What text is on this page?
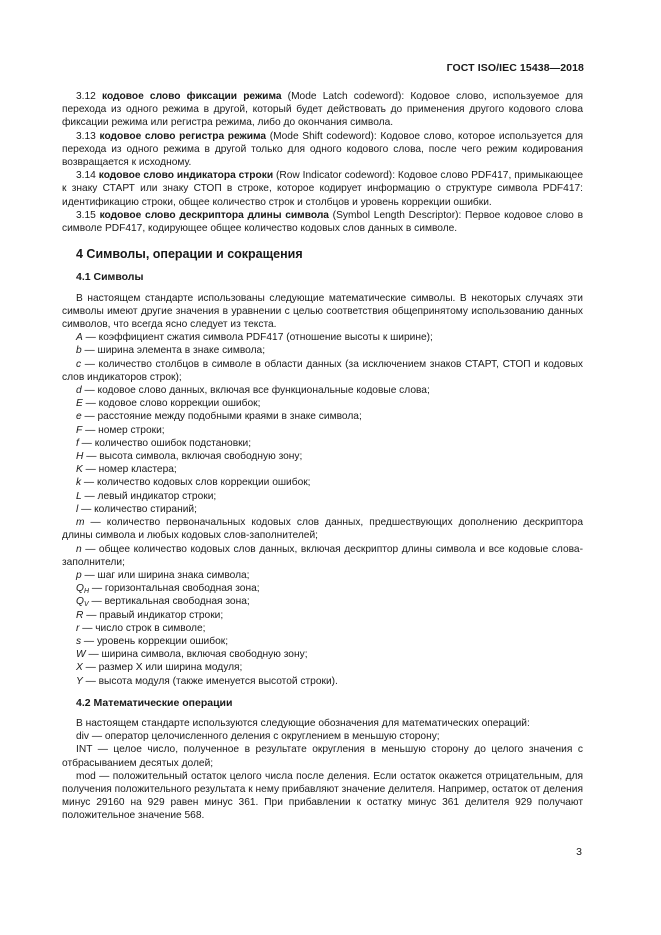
ГОСТ ISO/IEC 15438—2018

3.12 кодовое слово фиксации режима (Mode Latch codeword): Кодовое слово, используемое для перехода из одного режима в другой, который будет действовать до применения другого кодового слова фиксации режима или регистра режима, либо до окончания символа.

3.13 кодовое слово регистра режима (Mode Shift codeword): Кодовое слово, которое используется для перехода из одного режима в другой только для одного кодового слова, после чего режим кодирования возвращается к исходному.

3.14 кодовое слово индикатора строки (Row Indicator codeword): Кодовое слово PDF417, примыкающее к знаку СТАРТ или знаку СТОП в строке, которое кодирует информацию о структуре символа PDF417: идентификацию строки, общее количество строк и столбцов и уровень коррекции ошибки.

3.15 кодовое слово дескриптора длины символа (Symbol Length Descriptor): Первое кодовое слово в символе PDF417, кодирующее общее количество кодовых слов данных в символе.

4 Символы, операции и сокращения
4.1 Символы

В настоящем стандарте использованы следующие математические символы. В некоторых случаях эти символы имеют другие значения в уравнении с целью соответствия общепринятому использованию данных символов, что всегда ясно следует из текста.

A — коэффициент сжатия символа PDF417 (отношение высоты к ширине);

b — ширина элемента в знаке символа;

c — количество столбцов в символе в области данных (за исключением знаков СТАРТ, СТОП и кодовых слов индикаторов строк);

d — кодовое слово данных, включая все функциональные кодовые слова;

E — кодовое слово коррекции ошибок;

e — расстояние между подобными краями в знаке символа;

F — номер строки;

f — количество ошибок подстановки;

H — высота символа, включая свободную зону;

K — номер кластера;

k — количество кодовых слов коррекции ошибок;

L — левый индикатор строки;

l — количество стираний;

m — количество первоначальных кодовых слов данных, предшествующих дополнению дескриптора длины символа и любых кодовых слов-заполнителей;

n — общее количество кодовых слов данных, включая дескриптор длины символа и все кодовые слова-заполнители;

p — шаг или ширина знака символа;

$Q_H$ — горизонтальная свободная зона;

$Q_V$ — вертикальная свободная зона;

R — правый индикатор строки;

r — число строк в символе;

s — уровень коррекции ошибок;

W — ширина символа, включая свободную зону;

X — размер X или ширина модуля;

Y — высота модуля (также именуется высотой строки).

4.2 Математические операции

В настоящем стандарте используются следующие обозначения для математических операций:

div — оператор целочисленного деления с округлением в меньшую сторону;

INT — целое число, полученное в результате округления в меньшую сторону до целого значения с отбрасыванием десятых долей;

mod — положительный остаток целого числа после деления. Если остаток окажется отрицательным, для получения положительного результата к нему прибавляют значение делителя. Например, остаток от деления минус 29160 на 929 равен минус 361. При прибавлении к остатку минус 361 делителя 929 получают положительное значение 568.

3
